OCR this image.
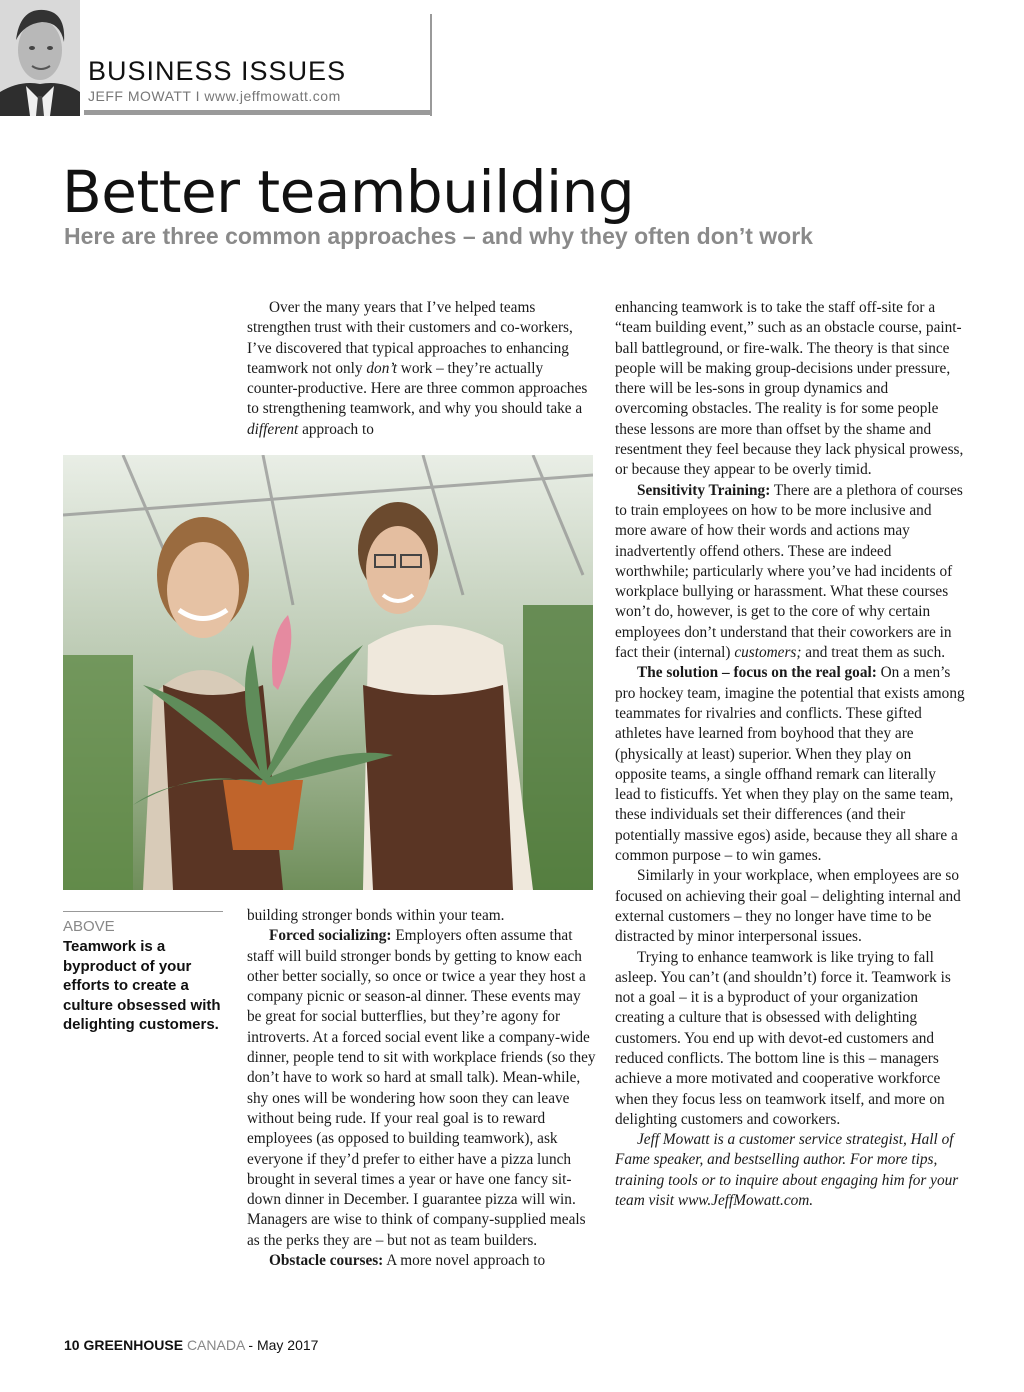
BUSINESS ISSUES
JEFF MOWATT I www.jeffmowatt.com
Better teambuilding
Here are three common approaches – and why they often don’t work

Over the many years that I’ve helped teams strengthen trust with their customers and co-workers, I’ve discovered that typical approaches to enhancing teamwork not only don’t work – they’re actually counter-productive. Here are three common approaches to strengthening teamwork, and why you should take a different approach to

ABOVE
Teamwork is a byproduct of your efforts to create a culture obsessed with delighting customers.

building stronger bonds within your team.

Forced socializing: Employers often assume that staff will build stronger bonds by getting to know each other better socially, so once or twice a year they host a company picnic or season-al dinner. These events may be great for social butterflies, but they’re agony for introverts. At a forced social event like a company-wide dinner, people tend to sit with workplace friends (so they don’t have to work so hard at small talk). Mean-while, shy ones will be wondering how soon they can leave without being rude. If your real goal is to reward employees (as opposed to building teamwork), ask everyone if they’d prefer to either have a pizza lunch brought in several times a year or have one fancy sit-down dinner in December. I guarantee pizza will win. Managers are wise to think of company-supplied meals as the perks they are – but not as team builders.

Obstacle courses: A more novel approach to

enhancing teamwork is to take the staff off-site for a “team building event,” such as an obstacle course, paint-ball battleground, or fire-walk. The theory is that since people will be making group-decisions under pressure, there will be les-sons in group dynamics and overcoming obstacles. The reality is for some people these lessons are more than offset by the shame and resentment they feel because they lack physical prowess, or because they appear to be overly timid.

Sensitivity Training: There are a plethora of courses to train employees on how to be more inclusive and more aware of how their words and actions may inadvertently offend others. These are indeed worthwhile; particularly where you’ve had incidents of workplace bullying or harassment. What these courses won’t do, however, is get to the core of why certain employees don’t understand that their coworkers are in fact their (internal) customers; and treat them as such.

The solution – focus on the real goal: On a men’s pro hockey team, imagine the potential that exists among teammates for rivalries and conflicts. These gifted athletes have learned from boyhood that they are (physically at least) superior. When they play on opposite teams, a single offhand remark can literally lead to fisticuffs. Yet when they play on the same team, these individuals set their differences (and their potentially massive egos) aside, because they all share a common purpose – to win games.

Similarly in your workplace, when employees are so focused on achieving their goal – delighting internal and external customers – they no longer have time to be distracted by minor interpersonal issues.

Trying to enhance teamwork is like trying to fall asleep. You can’t (and shouldn’t) force it. Teamwork is not a goal – it is a byproduct of your organization creating a culture that is obsessed with delighting customers. You end up with devot-ed customers and reduced conflicts. The bottom line is this – managers achieve a more motivated and cooperative workforce when they focus less on teamwork itself, and more on delighting customers and coworkers.

Jeff Mowatt is a customer service strategist, Hall of Fame speaker, and bestselling author. For more tips, training tools or to inquire about engaging him for your team visit www.JeffMowatt.com.

10 GREENHOUSE CANADA - May 2017
